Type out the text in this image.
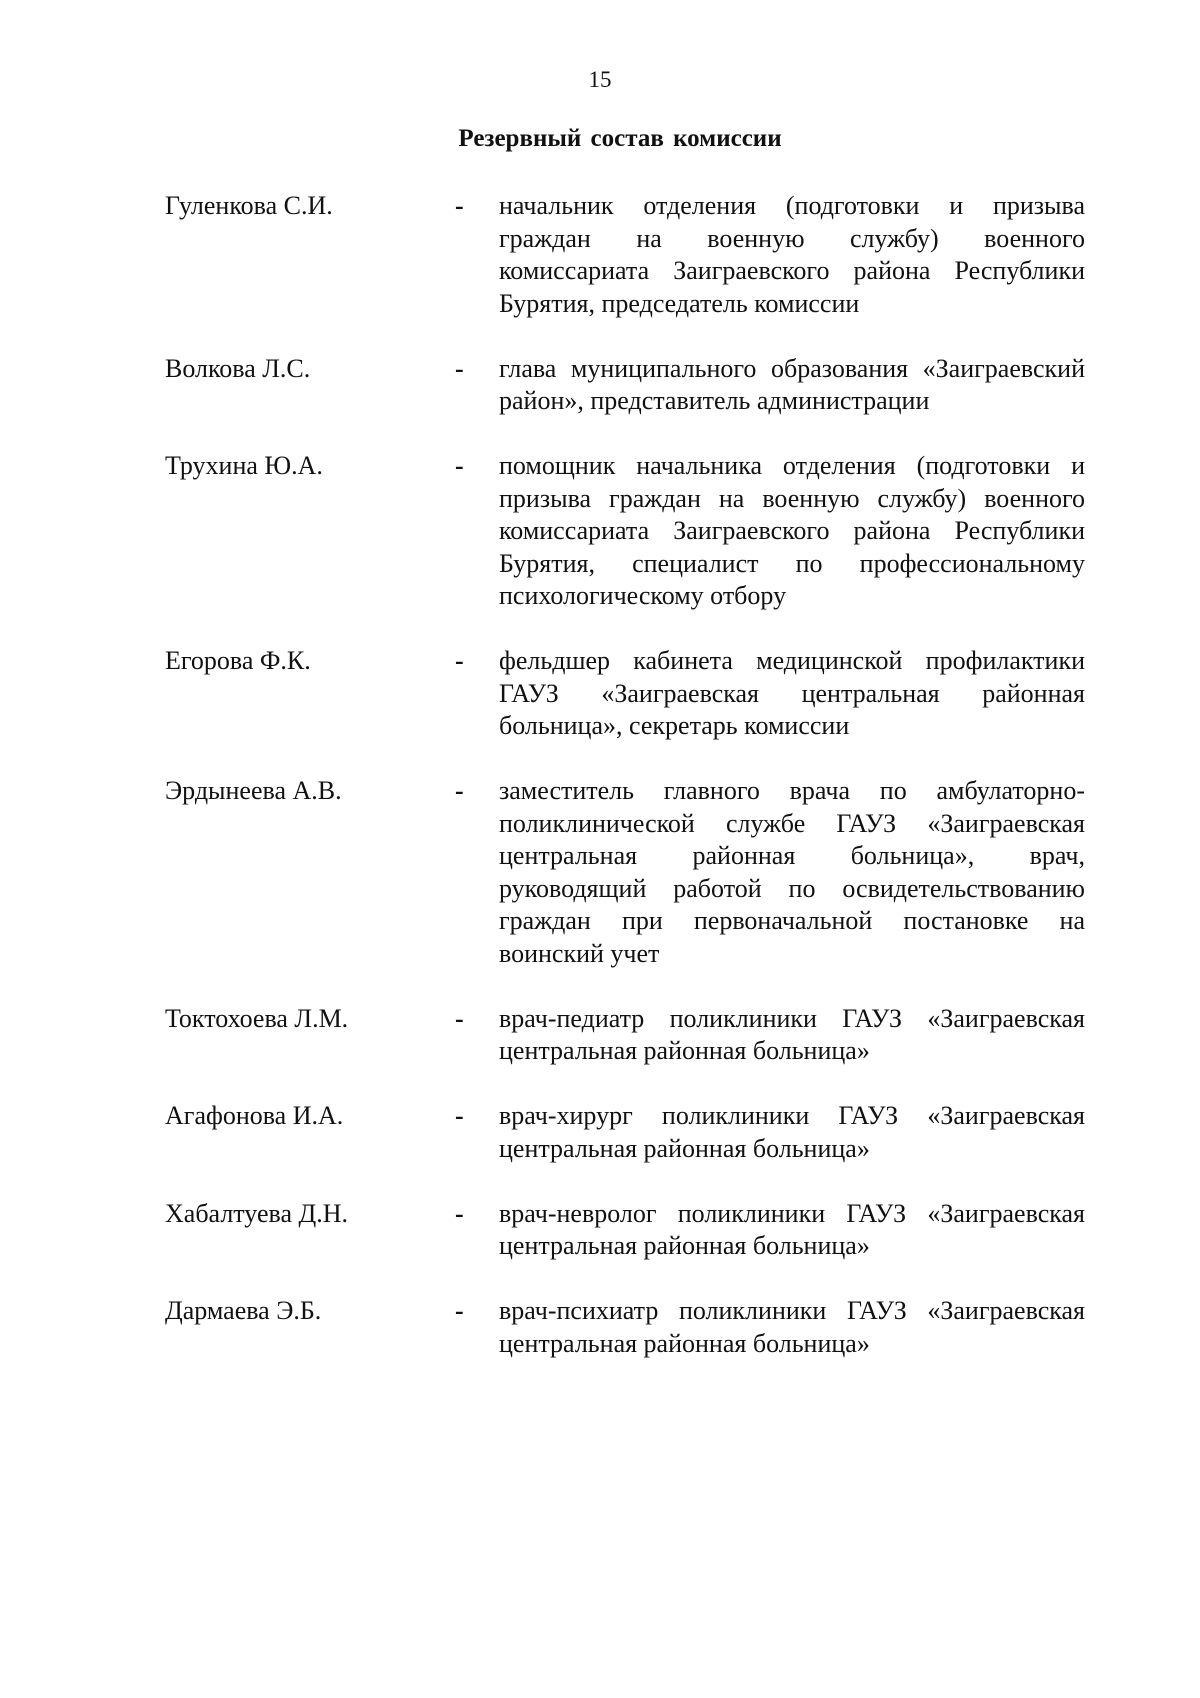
15
Резервный состав комиссии
Гуленкова С.И.	-	начальник отделения (подготовки и призыва граждан на военную службу) военного комиссариата Заиграевского района Республики Бурятия, председатель комиссии
Волкова Л.С.	-	глава муниципального образования «Заиграевский район», представитель администрации
Трухина Ю.А.	-	помощник начальника отделения (подготовки и призыва граждан на военную службу) военного комиссариата Заиграевского района Республики Бурятия, специалист по профессиональному психологическому отбору
Егорова Ф.К.	-	фельдшер кабинета медицинской профилактики ГАУЗ «Заиграевская центральная районная больница», секретарь комиссии
Эрдынеева А.В.	-	заместитель главного врача по амбулаторно-поликлинической службе ГАУЗ «Заиграевская центральная районная больница», врач, руководящий работой по освидетельствованию граждан при первоначальной постановке на воинский учет
Токтохоева Л.М.	-	врач-педиатр поликлиники ГАУЗ «Заиграевская центральная районная больница»
Агафонова И.А.	-	врач-хирург поликлиники ГАУЗ «Заиграевская центральная районная больница»
Хабалтуева Д.Н.	-	врач-невролог поликлиники ГАУЗ «Заиграевская центральная районная больница»
Дармаева Э.Б.	-	врач-психиатр поликлиники ГАУЗ «Заиграевская центральная районная больница»
